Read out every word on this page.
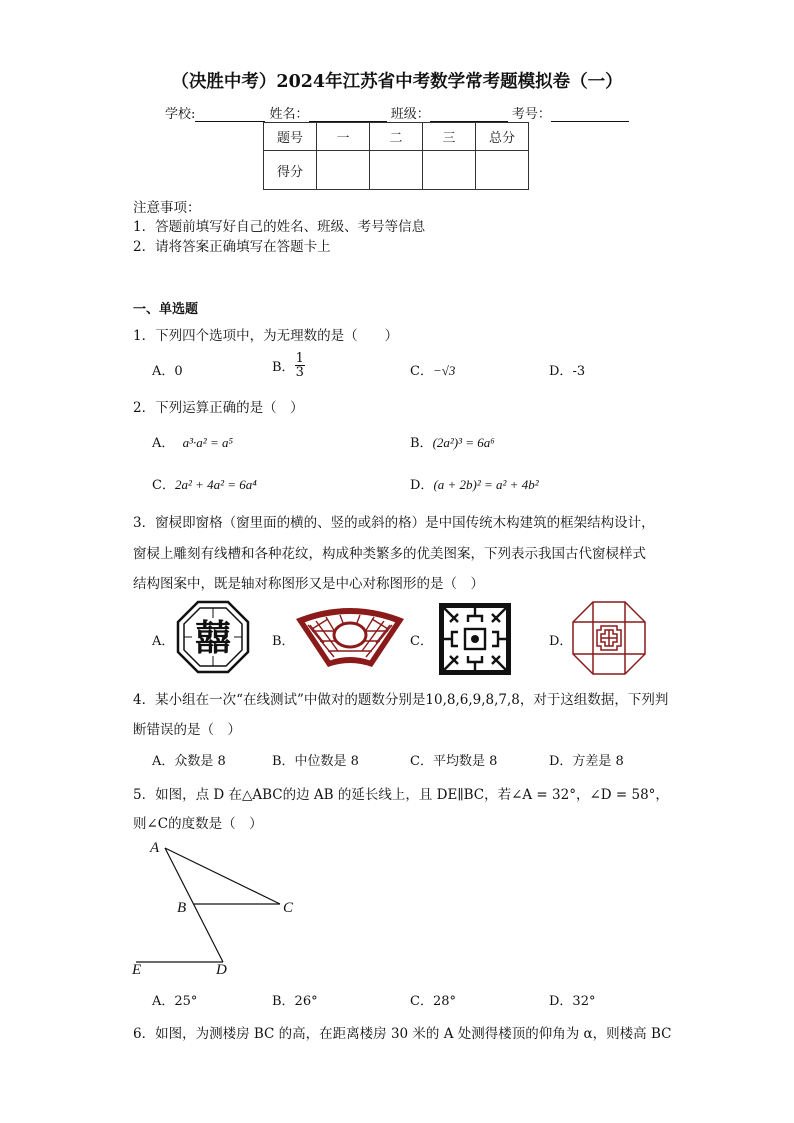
（决胜中考）2024年江苏省中考数学常考题模拟卷（一）
学校:	姓名：	班级：	考号：
题号	一	二	三	总分
得分				
注意事项：
1．答题前填写好自己的姓名、班级、考号等信息
2．请将答案正确填写在答题卡上
一、单选题
1．下列四个选项中，为无理数的是（　　）
A．0	B． $\frac{1}{3}$	C．−√3	D．-3
2．下列运算正确的是（　）
A． a³·a² = a⁵	B．(2a²)³ = 6a⁶
C．2a² + 4a² = 6a⁴	D．(a + 2b)² = a² + 4b²
3．窗棂即窗格（窗里面的横的、竖的或斜的格）是中国传统木构建筑的框架结构设计，
窗棂上雕刻有线槽和各种花纹，构成种类繁多的优美图案，下列表示我国古代窗棂样式
结构图案中，既是轴对称图形又是中心对称图形的是（　）
A．	B．	C．	D．
囍
4．某小组在一次“在线测试”中做对的题数分别是10,8,6,9,8,7,8，对于这组数据，下列判
断错误的是（　）
A．众数是 8	B．中位数是 8	C．平均数是 8	D．方差是 8
5．如图，点 D 在△ABC的边 AB 的延长线上，且 DE∥BC，若∠A = 32°，∠D = 58°，
则∠C的度数是（　）
A
B	C
D
E
A．25°	B．26°	C．28°	D．32°
6．如图，为测楼房 BC 的高，在距离楼房 30 米的 A 处测得楼顶的仰角为 α，则楼高 BC
